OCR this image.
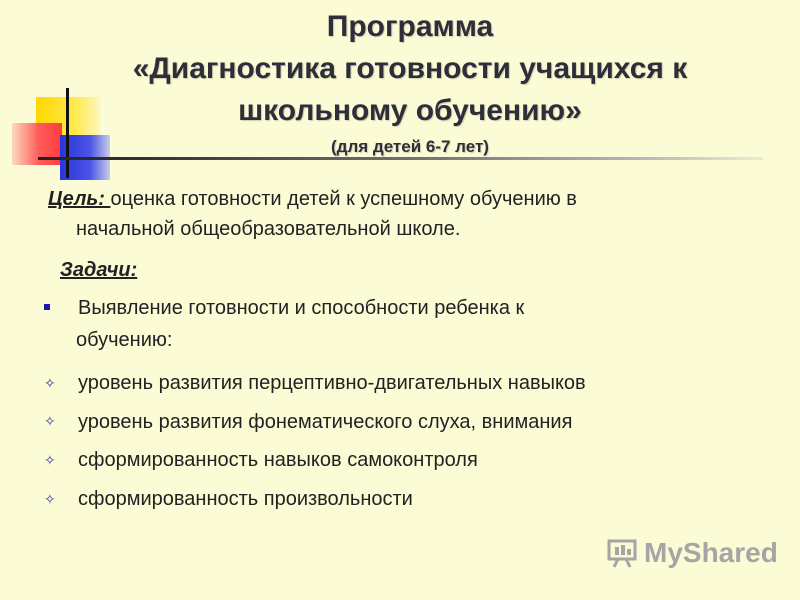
Программа
«Диагностика готовности учащихся к
школьному обучению»
(для детей 6-7 лет)
Цель: оценка готовности детей к успешному обучению в
начальной общеобразовательной школе.
Задачи:
Выявление готовности и способности ребенка к
обучению:
✧ уровень развития перцептивно-двигательных навыков
✧ уровень развития фонематического слуха, внимания
✧ сформированность навыков самоконтроля
✧ сформированность произвольности
MyShared
